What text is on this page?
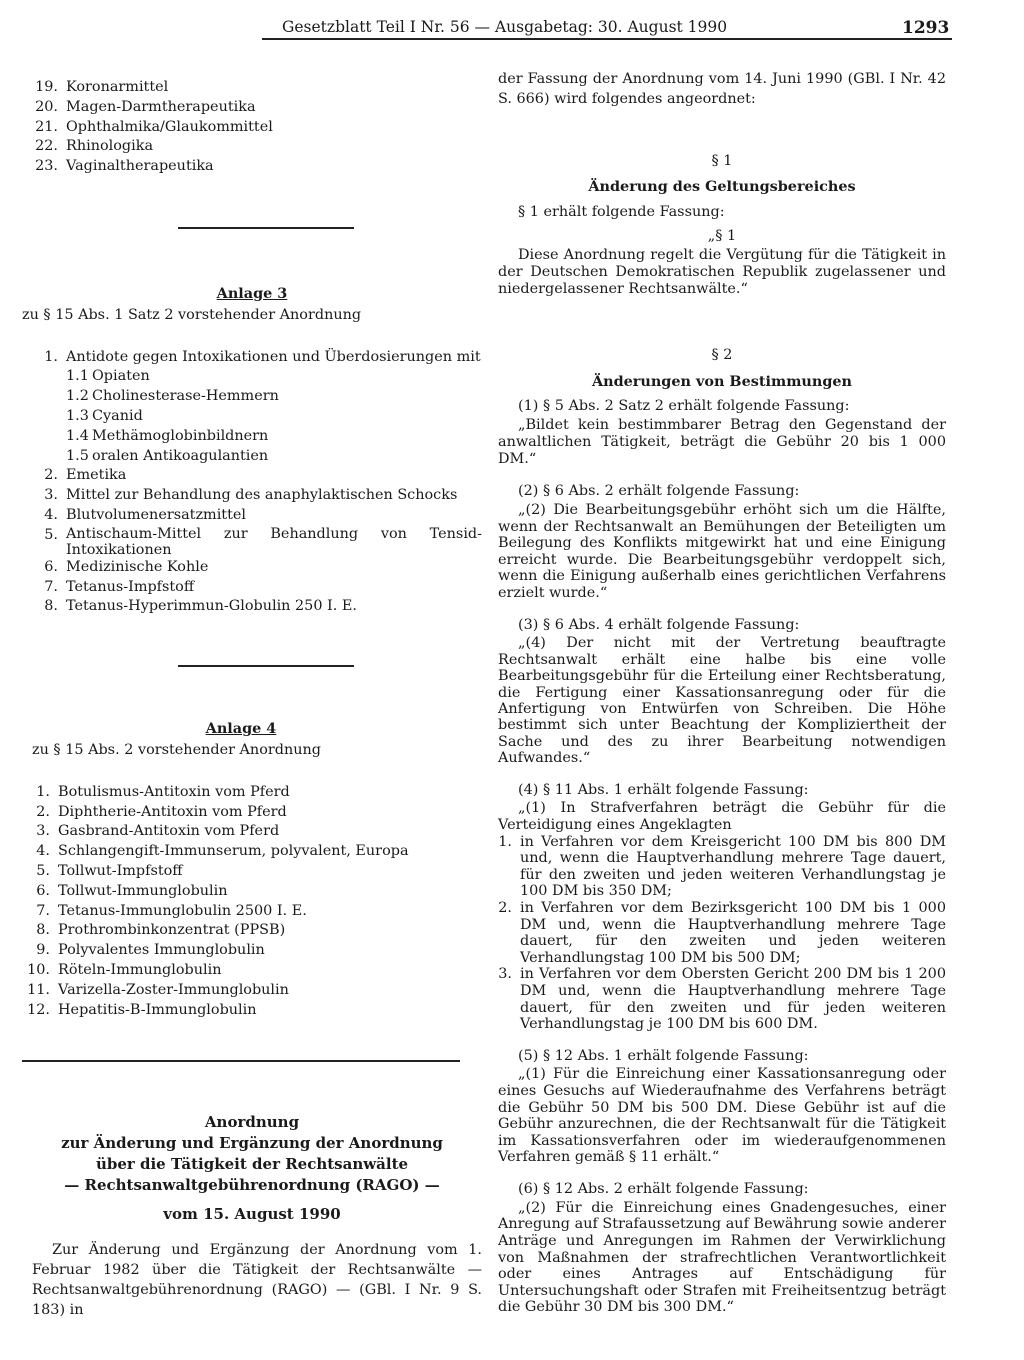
Gesetzblatt Teil I Nr. 56 — Ausgabetag: 30. August 1990	1293
19. Koronarmittel
20. Magen-Darmtherapeutika
21. Ophthalmika/Glaukommittel
22. Rhinologika
23. Vaginaltherapeutika
Anlage 3
zu § 15 Abs. 1 Satz 2 vorstehender Anordnung
1. Antidote gegen Intoxikationen und Überdosierungen mit
1.1 Opiaten
1.2 Cholinesterase-Hemmern
1.3 Cyanid
1.4 Methämoglobinbildnern
1.5 oralen Antikoagulantien
2. Emetika
3. Mittel zur Behandlung des anaphylaktischen Schocks
4. Blutvolumenersatzmittel
5. Antischaum-Mittel zur Behandlung von Tensid-Intoxikationen
6. Medizinische Kohle
7. Tetanus-Impfstoff
8. Tetanus-Hyperimmun-Globulin 250 I. E.
Anlage 4
zu § 15 Abs. 2 vorstehender Anordnung
1. Botulismus-Antitoxin vom Pferd
2. Diphtherie-Antitoxin vom Pferd
3. Gasbrand-Antitoxin vom Pferd
4. Schlangengift-Immunserum, polyvalent, Europa
5. Tollwut-Impfstoff
6. Tollwut-Immunglobulin
7. Tetanus-Immunglobulin 2500 I. E.
8. Prothrombinkonzentrat (PPSB)
9. Polyvalentes Immunglobulin
10. Röteln-Immunglobulin
11. Varizella-Zoster-Immunglobulin
12. Hepatitis-B-Immunglobulin
Anordnung
zur Änderung und Ergänzung der Anordnung
über die Tätigkeit der Rechtsanwälte
— Rechtsanwaltgebührenordnung (RAGO) —
vom 15. August 1990
Zur Änderung und Ergänzung der Anordnung vom 1. Februar 1982 über die Tätigkeit der Rechtsanwälte — Rechtsanwaltgebührenordnung (RAGO) — (GBl. I Nr. 9 S. 183) in
der Fassung der Anordnung vom 14. Juni 1990 (GBl. I Nr. 42 S. 666) wird folgendes angeordnet:
§ 1
Änderung des Geltungsbereiches
§ 1 erhält folgende Fassung:
„§ 1
Diese Anordnung regelt die Vergütung für die Tätigkeit in der Deutschen Demokratischen Republik zugelassener und niedergelassener Rechtsanwälte.“
§ 2
Änderungen von Bestimmungen
(1) § 5 Abs. 2 Satz 2 erhält folgende Fassung:
„Bildet kein bestimmbarer Betrag den Gegenstand der anwaltlichen Tätigkeit, beträgt die Gebühr 20 bis 1 000 DM.“
(2) § 6 Abs. 2 erhält folgende Fassung:
„(2) Die Bearbeitungsgebühr erhöht sich um die Hälfte, wenn der Rechtsanwalt an Bemühungen der Beteiligten um Beilegung des Konflikts mitgewirkt hat und eine Einigung erreicht wurde. Die Bearbeitungsgebühr verdoppelt sich, wenn die Einigung außerhalb eines gerichtlichen Verfahrens erzielt wurde.“
(3) § 6 Abs. 4 erhält folgende Fassung:
„(4) Der nicht mit der Vertretung beauftragte Rechtsanwalt erhält eine halbe bis eine volle Bearbeitungsgebühr für die Erteilung einer Rechtsberatung, die Fertigung einer Kassationsanregung oder für die Anfertigung von Entwürfen von Schreiben. Die Höhe bestimmt sich unter Beachtung der Kompliziertheit der Sache und des zu ihrer Bearbeitung notwendigen Aufwandes.“
(4) § 11 Abs. 1 erhält folgende Fassung:
„(1) In Strafverfahren beträgt die Gebühr für die Verteidigung eines Angeklagten
1. in Verfahren vor dem Kreisgericht 100 DM bis 800 DM und, wenn die Hauptverhandlung mehrere Tage dauert, für den zweiten und jeden weiteren Verhandlungstag je 100 DM bis 350 DM;
2. in Verfahren vor dem Bezirksgericht 100 DM bis 1 000 DM und, wenn die Hauptverhandlung mehrere Tage dauert, für den zweiten und jeden weiteren Verhandlungstag 100 DM bis 500 DM;
3. in Verfahren vor dem Obersten Gericht 200 DM bis 1 200 DM und, wenn die Hauptverhandlung mehrere Tage dauert, für den zweiten und für jeden weiteren Verhandlungstag je 100 DM bis 600 DM.
(5) § 12 Abs. 1 erhält folgende Fassung:
„(1) Für die Einreichung einer Kassationsanregung oder eines Gesuchs auf Wiederaufnahme des Verfahrens beträgt die Gebühr 50 DM bis 500 DM. Diese Gebühr ist auf die Gebühr anzurechnen, die der Rechtsanwalt für die Tätigkeit im Kassationsverfahren oder im wiederaufgenommenen Verfahren gemäß § 11 erhält.“
(6) § 12 Abs. 2 erhält folgende Fassung:
„(2) Für die Einreichung eines Gnadengesuches, einer Anregung auf Strafaussetzung auf Bewährung sowie anderer Anträge und Anregungen im Rahmen der Verwirklichung von Maßnahmen der strafrechtlichen Verantwortlichkeit oder eines Antrages auf Entschädigung für Untersuchungshaft oder Strafen mit Freiheitsentzug beträgt die Gebühr 30 DM bis 300 DM.“
